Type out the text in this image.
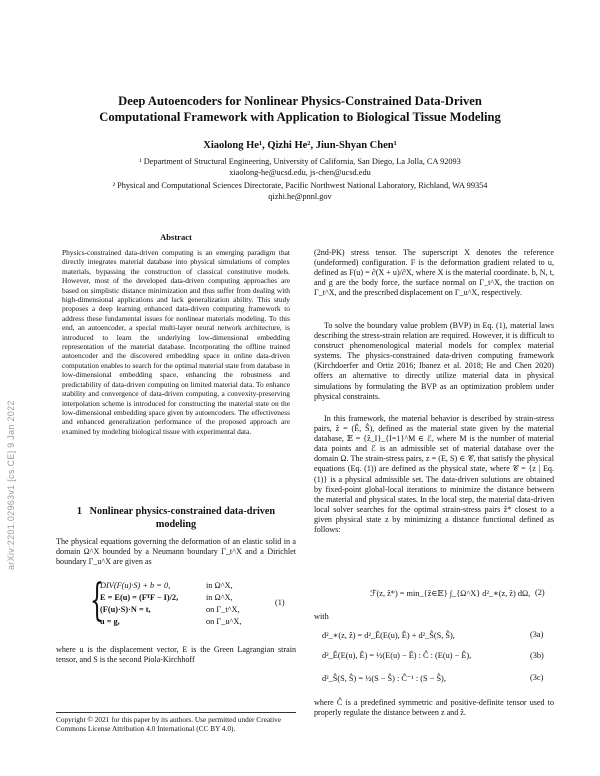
arXiv:2201.02963v1 [cs.CE] 9 Jan 2022
Deep Autoencoders for Nonlinear Physics-Constrained Data-Driven
Computational Framework with Application to Biological Tissue Modeling
Xiaolong He¹, Qizhi He², Jiun-Shyan Chen¹
¹ Department of Structural Engineering, University of California, San Diego, La Jolla, CA 92093
xiaolong-he@ucsd.edu, js-chen@ucsd.edu
² Physical and Computational Sciences Directorate, Pacific Northwest National Laboratory, Richland, WA 99354
qizhi.he@pnnl.gov
Abstract
Physics-constrained data-driven computing is an emerging paradigm that directly integrates material database into physical simulations of complex materials, bypassing the construction of classical constitutive models. However, most of the developed data-driven computing approaches are based on simplistic distance minimization and thus suffer from dealing with high-dimensional applications and lack generalization ability. This study proposes a deep learning enhanced data-driven computing framework to address these fundamental issues for nonlinear materials modeling. To this end, an autoencoder, a special multi-layer neural network architecture, is introduced to learn the underlying low-dimensional embedding representation of the material database. Incorporating the offline trained autoencoder and the discovered embedding space in online data-driven computation enables to search for the optimal material state from database in low-dimensional embedding space, enhancing the robustness and predictability of data-driven computing on limited material data. To enhance stability and convergence of data-driven computing, a convexity-preserving interpolation scheme is introduced for constructing the material state on the low-dimensional embedding space given by autoencoders. The effectiveness and enhanced generalization performance of the proposed approach are examined by modeling biological tissue with experimental data.
1 Nonlinear physics-constrained data-driven modeling

The physical equations governing the deformation of an elastic solid in a domain Ω^X bounded by a Neumann boundary Γ_t^X and a Dirichlet boundary Γ_u^X are given as

{
DIV(F(u)·S) + b = 0,	in Ω^X,
E = E(u) = (FᵀF − I)/2,	in Ω^X,
(F(u)·S)·N = t,	on Γ_t^X,
u = g,	on Γ_u^X,
(1)

where u is the displacement vector, E is the Green Lagrangian strain tensor, and S is the second Piola-Kirchhoff

Copyright © 2021 for this paper by its authors. Use permitted under Creative Commons License Attribution 4.0 International (CC BY 4.0).

(2nd-PK) stress tensor. The superscript X denotes the reference (undeformed) configuration. F is the deformation gradient related to u, defined as F(u) = ∂(X + u)/∂X, where X is the material coordinate. b, N, t, and g are the body force, the surface normal on Γ_t^X, the traction on Γ_t^X, and the prescribed displacement on Γ_u^X, respectively.

To solve the boundary value problem (BVP) in Eq. (1), material laws describing the stress-strain relation are required. However, it is difficult to construct phenomenological material models for complex material systems. The physics-constrained data-driven computing framework (Kirchdoerfer and Ortiz 2016; Ibanez et al. 2018; He and Chen 2020) offers an alternative to directly utilize material data in physical simulations by formulating the BVP as an optimization problem under physical constraints.

In this framework, the material behavior is described by strain-stress pairs, ẑ = (Ê, Ŝ), defined as the material state given by the material database, 𝔼 = {ẑ_I}_{I=1}^M ∈ ℰ, where M is the number of material data points and ℰ is an admissible set of material database over the domain Ω. The strain-stress pairs, z = (E, S) ∈ 𝒞, that satisfy the physical equations (Eq. (1)) are defined as the physical state, where 𝒞 = {z | Eq. (1)} is a physical admissible set. The data-driven solutions are obtained by fixed-point global-local iterations to minimize the distance between the material and physical states. In the local step, the material data-driven local solver searches for the optimal strain-stress pairs ẑ* closest to a given physical state z by minimizing a distance functional defined as follows:

ℱ(z, ẑ*) = min_{ẑ∈𝔼} ∫_{Ω^X} d²_∗(z, ẑ) dΩ, (2)
with
d²_∗(z, ẑ) = d²_Ê(E(u), Ê) + d²_Ŝ(S, Ŝ),	(3a)
d²_Ê(E(u), Ê) = ½(E(u) − Ê) : Ĉ : (E(u) − Ê),	(3b)
d²_Ŝ(S, Ŝ) = ½(S − Ŝ) : Ĉ⁻¹ : (S − Ŝ),	(3c)

where Ĉ is a predefined symmetric and positive-definite tensor used to properly regulate the distance between z and ẑ.
